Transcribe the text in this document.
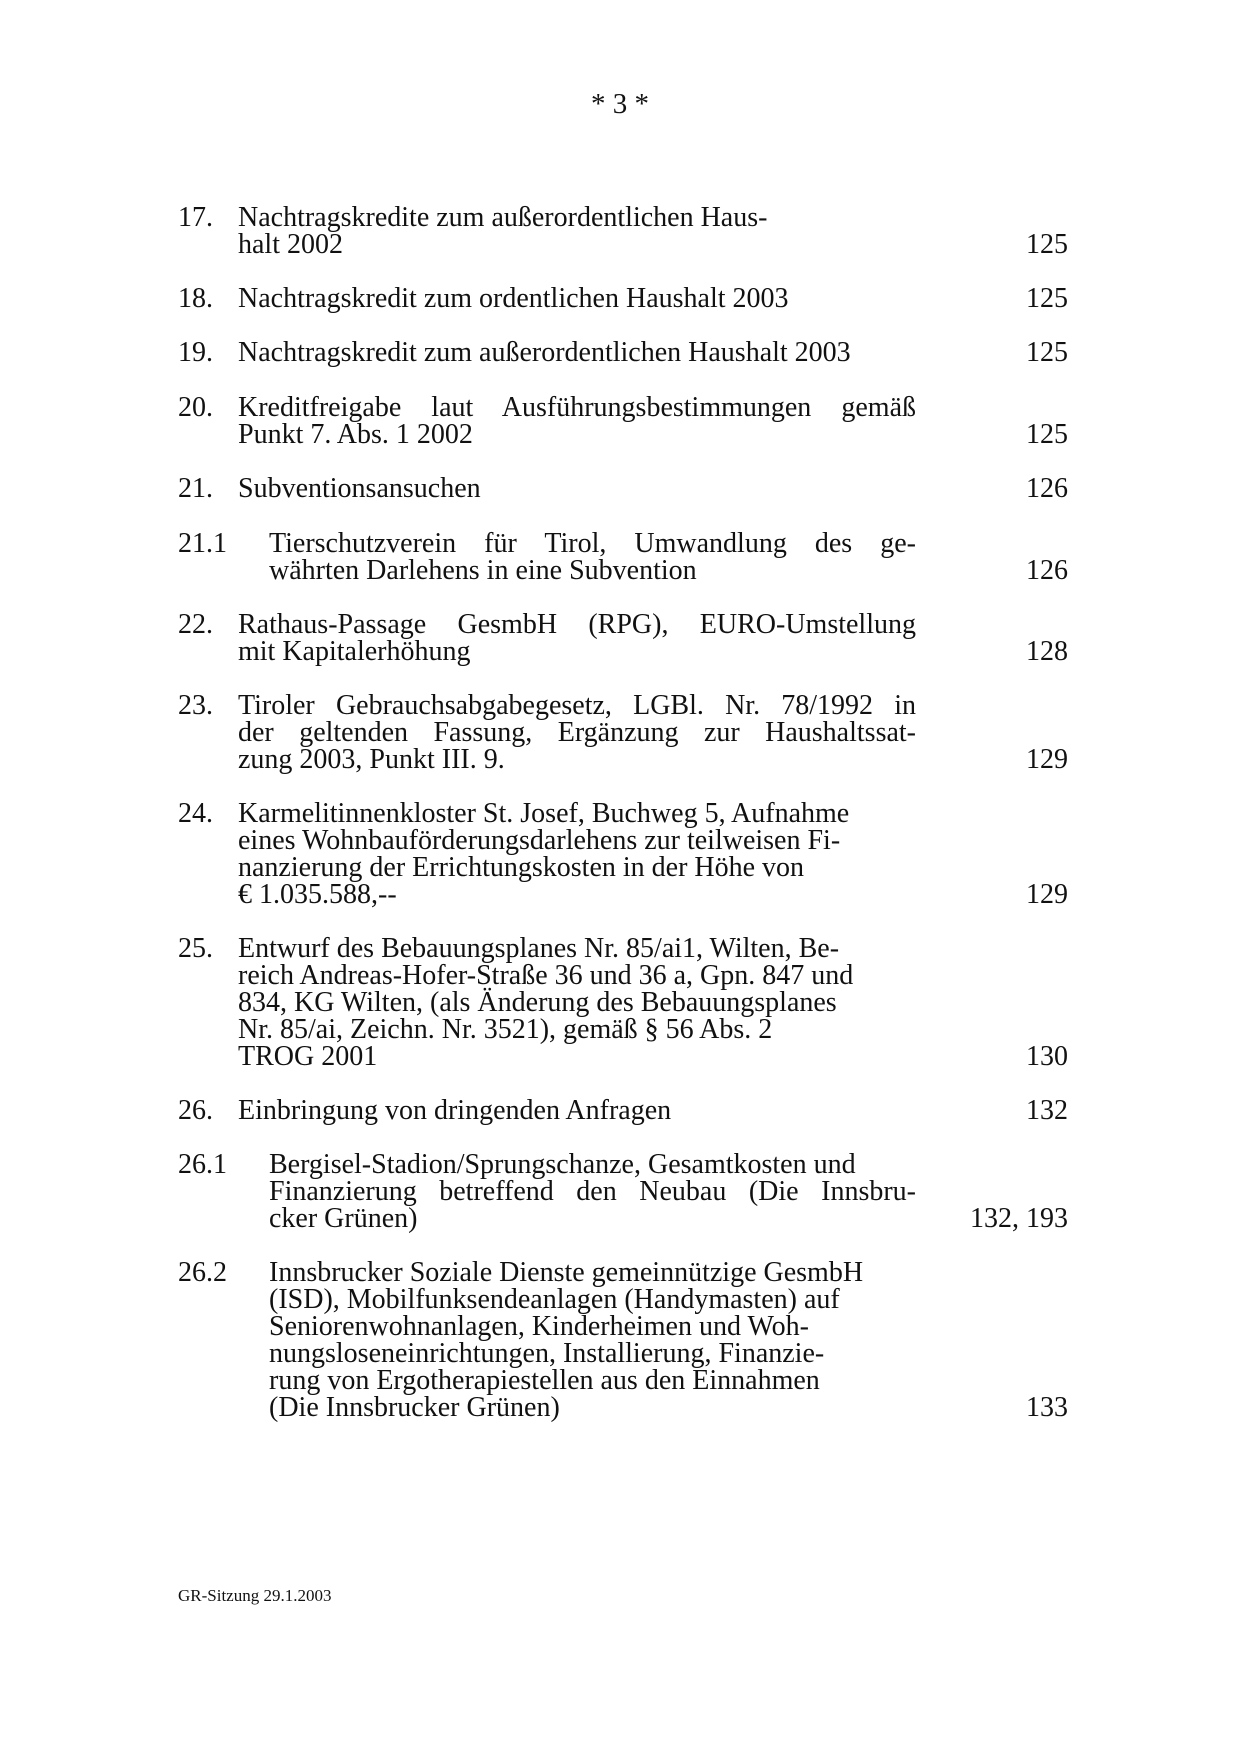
* 3 *
17. Nachtragskredite zum außerordentlichen Haus-
halt 2002	125
18. Nachtragskredit zum ordentlichen Haushalt 2003	125
19. Nachtragskredit zum außerordentlichen Haushalt 2003	125
20. Kreditfreigabe laut Ausführungsbestimmungen gemäß
Punkt 7. Abs. 1 2002	125
21. Subventionsansuchen	126
21.1 Tierschutzverein für Tirol, Umwandlung des ge-
währten Darlehens in eine Subvention	126
22. Rathaus-Passage GesmbH (RPG), EURO-Umstellung
mit Kapitalerhöhung	128
23. Tiroler Gebrauchsabgabegesetz, LGBl. Nr. 78/1992 in
der geltenden Fassung, Ergänzung zur Haushaltssat-
zung 2003, Punkt III. 9.	129
24. Karmelitinnenkloster St. Josef, Buchweg 5, Aufnahme
eines Wohnbauförderungsdarlehens zur teilweisen Fi-
nanzierung der Errichtungskosten in der Höhe von
€ 1.035.588,--	129
25. Entwurf des Bebauungsplanes Nr. 85/ai1, Wilten, Be-
reich Andreas-Hofer-Straße 36 und 36 a, Gpn. 847 und
834, KG Wilten, (als Änderung des Bebauungsplanes
Nr. 85/ai, Zeichn. Nr. 3521), gemäß § 56 Abs. 2
TROG 2001	130
26. Einbringung von dringenden Anfragen	132
26.1 Bergisel-Stadion/Sprungschanze, Gesamtkosten und
Finanzierung betreffend den Neubau (Die Innsbru-
cker Grünen)	132, 193
26.2 Innsbrucker Soziale Dienste gemeinnützige GesmbH
(ISD), Mobilfunksendeanlagen (Handymasten) auf
Seniorenwohnanlagen, Kinderheimen und Woh-
nungsloseneinrichtungen, Installierung, Finanzie-
rung von Ergotherapiestellen aus den Einnahmen
(Die Innsbrucker Grünen)	133
GR-Sitzung 29.1.2003
